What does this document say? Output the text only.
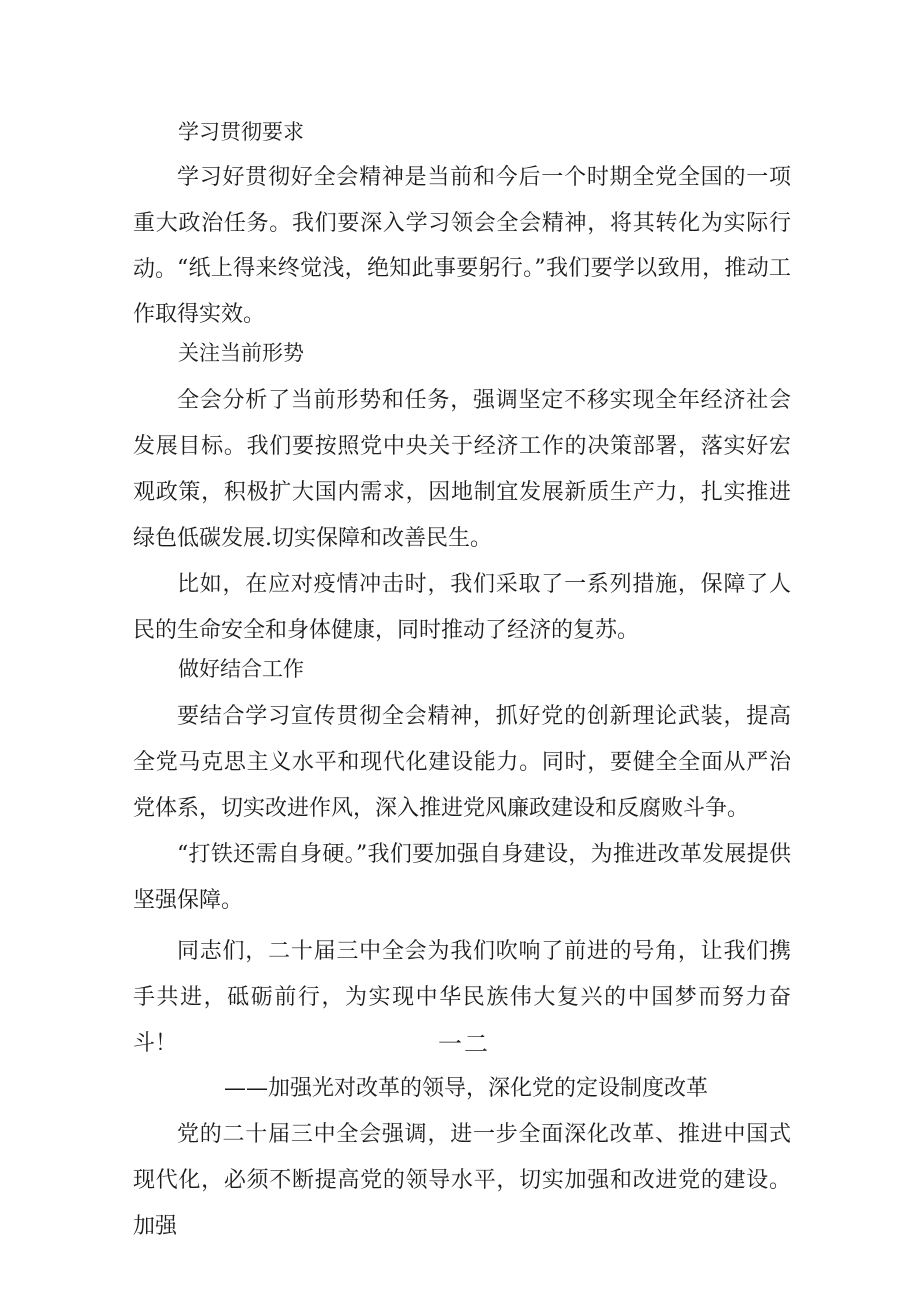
学习贯彻要求

学习好贯彻好全会精神是当前和今后一个时期全党全国的一项重大政治任务。我们要深入学习领会全会精神，将其转化为实际行动。 “纸上得来终觉浅，绝知此事要躬行。”我们要学以致用，推动工作取得实效。

关注当前形势

全会分析了当前形势和任务，强调坚定不移实现全年经济社会发展目标。我们要按照党中央关于经济工作的决策部署，落实好宏观政策，积极扩大国内需求，因地制宜发展新质生产力，扎实推进绿色低碳发展.切实保障和改善民生。

比如，在应对疫情冲击时，我们采取了一系列措施，保障了人民的生命安全和身体健康，同时推动了经济的复苏。

做好结合工作

要结合学习宣传贯彻全会精神，抓好党的创新理论武装，提高全党马克思主义水平和现代化建设能力。同时，要健全全面从严治党体系，切实改进作风，深入推进党风廉政建设和反腐败斗争。

“打铁还需自身硬。”我们要加强自身建设，为推进改革发展提供坚强保障。

同志们，二十届三中全会为我们吹响了前进的号角，让我们携手共进，砥砺前行，为实现中华民族伟大复兴的中国梦而努力奋斗！	一二
——加强光对改革的领导，深化党的定设制度改革

党的二十届三中全会强调，进一步全面深化改革、推进中国式现代化，必须不断提高党的领导水平，切实加强和改进党的建设。加强
